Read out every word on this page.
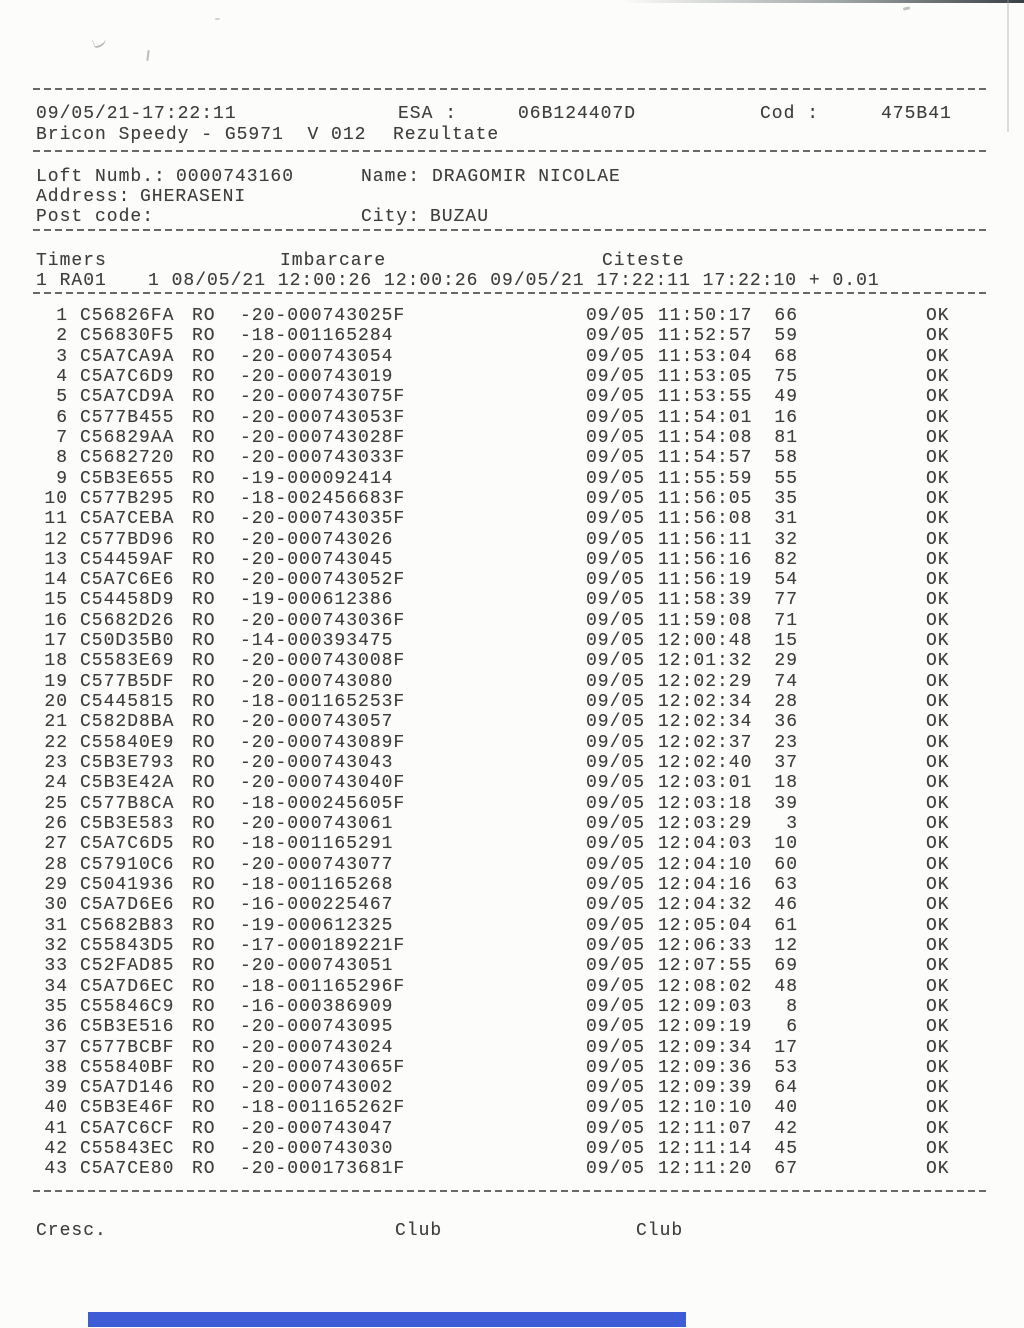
09/05/21-17:22:11	ESA :	06B124407D	Cod :	475B41
Bricon Speedy - G5971  V 012 Rezultate
Loft Numb.: 0000743160	Name: DRAGOMIR NICOLAE
Address: GHERASENI
Post code:	City: BUZAU
Timers	Imbarcare	Citeste
1 RA01 1 08/05/21 12:00:26 12:00:26 09/05/21 17:22:11 17:22:10 + 0.01
1 C56826FA RO -20-000743025F	09/05 11:50:17	66	OK
2 C56830F5 RO -18-001165284	09/05 11:52:57	59	OK
3 C5A7CA9A RO -20-000743054	09/05 11:53:04	68	OK
4 C5A7C6D9 RO -20-000743019	09/05 11:53:05	75	OK
5 C5A7CD9A RO -20-000743075F	09/05 11:53:55	49	OK
6 C577B455 RO -20-000743053F	09/05 11:54:01	16	OK
7 C56829AA RO -20-000743028F	09/05 11:54:08	81	OK
8 C5682720 RO -20-000743033F	09/05 11:54:57	58	OK
9 C5B3E655 RO -19-000092414	09/05 11:55:59	55	OK
10 C577B295 RO -18-002456683F	09/05 11:56:05	35	OK
11 C5A7CEBA RO -20-000743035F	09/05 11:56:08	31	OK
12 C577BD96 RO -20-000743026	09/05 11:56:11	32	OK
13 C54459AF RO -20-000743045	09/05 11:56:16	82	OK
14 C5A7C6E6 RO -20-000743052F	09/05 11:56:19	54	OK
15 C54458D9 RO -19-000612386	09/05 11:58:39	77	OK
16 C5682D26 RO -20-000743036F	09/05 11:59:08	71	OK
17 C50D35B0 RO -14-000393475	09/05 12:00:48	15	OK
18 C5583E69 RO -20-000743008F	09/05 12:01:32	29	OK
19 C577B5DF RO -20-000743080	09/05 12:02:29	74	OK
20 C5445815 RO -18-001165253F	09/05 12:02:34	28	OK
21 C582D8BA RO -20-000743057	09/05 12:02:34	36	OK
22 C55840E9 RO -20-000743089F	09/05 12:02:37	23	OK
23 C5B3E793 RO -20-000743043	09/05 12:02:40	37	OK
24 C5B3E42A RO -20-000743040F	09/05 12:03:01	18	OK
25 C577B8CA RO -18-000245605F	09/05 12:03:18	39	OK
26 C5B3E583 RO -20-000743061	09/05 12:03:29	3	OK
27 C5A7C6D5 RO -18-001165291	09/05 12:04:03	10	OK
28 C57910C6 RO -20-000743077	09/05 12:04:10	60	OK
29 C5041936 RO -18-001165268	09/05 12:04:16	63	OK
30 C5A7D6E6 RO -16-000225467	09/05 12:04:32	46	OK
31 C5682B83 RO -19-000612325	09/05 12:05:04	61	OK
32 C55843D5 RO -17-000189221F	09/05 12:06:33	12	OK
33 C52FAD85 RO -20-000743051	09/05 12:07:55	69	OK
34 C5A7D6EC RO -18-001165296F	09/05 12:08:02	48	OK
35 C55846C9 RO -16-000386909	09/05 12:09:03	8	OK
36 C5B3E516 RO -20-000743095	09/05 12:09:19	6	OK
37 C577BCBF RO -20-000743024	09/05 12:09:34	17	OK
38 C55840BF RO -20-000743065F	09/05 12:09:36	53	OK
39 C5A7D146 RO -20-000743002	09/05 12:09:39	64	OK
40 C5B3E46F RO -18-001165262F	09/05 12:10:10	40	OK
41 C5A7C6CF RO -20-000743047	09/05 12:11:07	42	OK
42 C55843EC RO -20-000743030	09/05 12:11:14	45	OK
43 C5A7CE80 RO -20-000173681F	09/05 12:11:20	67	OK
Cresc.	Club	Club
